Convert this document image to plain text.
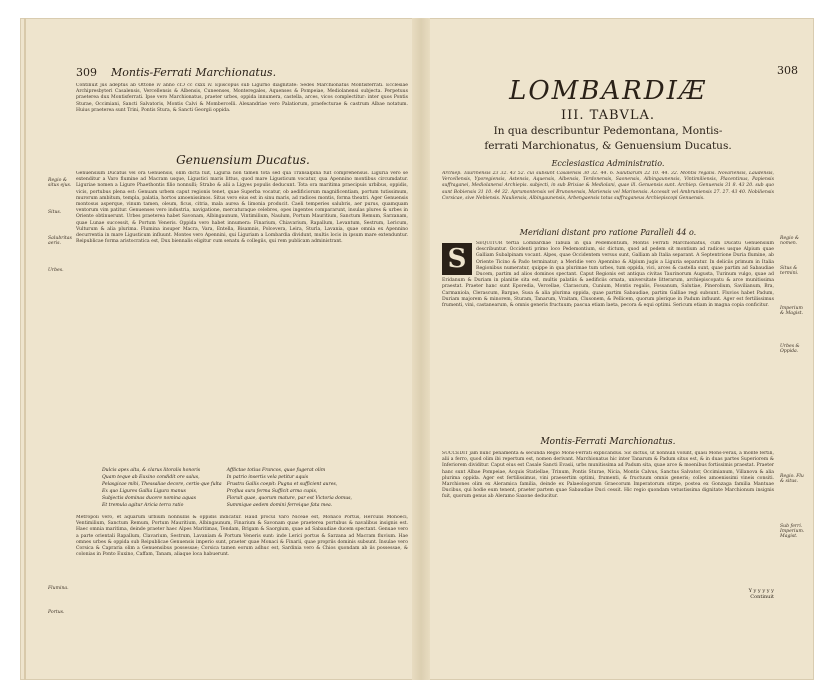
309 Montis-Ferrati Marchionatus.
Continuit jus adeptus ab Ottone iv anno cIↃ cc cxxx iv. Episcopus sub Ligurno diagnitate: Sedes Marchionatus Montisferrati. Ecclesiae Archipresbyteri Casalensis, Vercellensis & Albensis, Cuneenses, Monteregales, Aquenses & Pompeiae, Mediolanensi subjecta. Perpetuus praeterea dux Montisferrati. Ipse vero Marchionatus, praeter urbes, oppida innumera, castella, arces, vicos complectitur: inter quos Pontis Sturae, Occimiani, Sancti Salvatoris, Montis Calvi & Mombercelli. Alexandriae vero Palatiorum, praefecturae & castrum Albae notatum. Huius praeterea sunt Trini, Pontis Stura, & Sancti Georgii oppida.
Genuensium Ducatus.
Regio & situs ejus.
Situs.
Salubritas aeris.
Urbes.
Flumina.
Portus.
Genuensium Ducatus vel ora Genuensis, olim dicta fuit, Liguria non tamen tota sed qua Transalpina fuit comprehensus. Liguria vero se extenditur a Varo flumine ad Macram usque, Ligustici maris littus, quod mare Ligusticum vocatur, qua Apennino montibus circumdatur. Liguriae nomen a Ligure Phaethontis filio nonnulli; Strabo & alii a Ligyes populis deducunt. Tota ora maritima praecipuis urbibus, oppidis, vicis, portubus plena est: Genuam urbem caput regionis tenet, quae Superba vocatur, ob aedificiorum magnificentiam, portum tutissimum, murorum ambitum, templa, palatia, hortos amoenissimos. Situs vero eius est in sinu maris, ad radices montis, forma theatri. Ager Genuensis montosus asperque, vinum tamen, oleum, ficus, citria, mala aurea & limonia producit. Caeli temperies salubris, aer purus, quamquam ventorum vim patitur. Genuenses vero industria, navigatione, mercaturaque celebres, opes ingentes compararunt, insulas plures & urbes in Oriente obtinuerunt. Urbes praeterea habet Savonam, Albingaunum, Vintimilium, Naulum, Portum Mauritium, Sanctum Remum, Sarzanam, quae Lunae successit, & Portum Veneris. Oppida vero habet innumera: Finarium, Chiavarium, Rapallum, Levantum, Sestrum, Lericum, Vulturum & alia plurima. Flumina insuper Macra, Vara, Entella, Bisamnis, Polcevera, Leira, Sturla, Lavania, quae omnia ex Apennino decurrentia in mare Ligusticum influunt. Montes vero Apennini, qui Liguriam a Lombardia dividunt, multis locis in ipsum mare extenduntur. Reipublicae forma aristocratica est, Dux biennalis eligitur cum senatu & collegiis, qui rem publicam administrant.
Dulcis apex alta, & clarus litoralis honoris
Quam teque ab Euxino condidit ore salus,
Pelasgicae mihi, Thessaliae decore, certis-que fulta
Ex quo Ligures Gallia Ligura manus
Subjectis dominas ducere nomina aquas
Et tremula agitur Aricia terra ratio
Afflictae totius Francos, quae fugerat olim
In patrio insertis vela petitur aquis
Frustra Gallis coepit: Pugna et sufficient aures,
Proflua sura ferma Sufficit arma cupis,
Floruit quae, quorum mature, par est Victoria domus,
Summique aedem domini ferreique fata mea.
Metropoli vero, et aquarum urbium nonnullis & oppidis indicatur. Haud procul Varo Niceae est, Monaco Portus, Herculis Monoeci, Ventimilium, Sanctum Remum, Portum Mauritium, Albingaunum, Finarium & Savonam quae praeterea portubus & navalibus insignis est. Haec omnia maritima, deinde praeter haec Alpes Maritimas, Tendam, Brigam & Saorgium, quae ad Sabaudiae ducem spectant. Genuae vero a parte orientali Rapallum, Clavarium, Sestrum, Lavaniam & Portum Veneris sunt: inde Lerici portus & Sarzana ad Macram fluvium. Hae omnes urbes & oppida sub Reipublicae Genuensis imperio sunt, praeter quae Monaci & Finarii, quae propriis dominis subsunt. Insulae vero Corsica & Capraria olim a Genuensibus possessae; Corsica tamen eorum adhuc est, Sardinia vero & Chios quondam ab iis possessae, & colonias in Ponto Euxino, Caffam, Tanam, aliaque loca habuerunt.
308
LOMBARDIÆ
III. TABVLA.
In qua describuntur Pedemontana, Montis-
ferrati Marchionatus, & Genuensium Ducatus.
Ecclesiastica Administratio.
Archiep. Taurinensis 23 32. 43 52. cui subsunt Casalensis 30 32. 44. 6. Salutiarum 22 10. 44. 32. Montis regalis. Novariensis, Laudensis, Vercellensis, Yporegiensis, Astensis, Aquensis, Albensis, Terdonensis, Saonensis, Albingaunensis, Vintimiliensis, Placentinus, Papiensis suffraganei, Mediolanensi Archiepis. subjecti, in sub Brixiae & Mediolani, quae ill. Genuensis sunt. Archiep. Genuensis 31 8. 43 20. sub quo sunt Bobiensis 31 10. 44 32. Aprumontensis vel Brunonensis, Mariensis vel Marinensis. Accessit vel Ambruniensis 27. 27. 43 40. Nobiliensis Corsicae, sive Nebiensis. Nauliensis, Albingaunensis, Arbengaensis totus suffraganeus Archiepiscopi Genuensis.
Meridiani distant pro ratione Paralleli 44 o.
S
SEQUITUR tertia Lombardiae Tabula in qua Pedemontium, Montis Ferrati Marchionatus, cum Ducatu Genuensium describuntur. Occidenti primo loco Pedemontium, sic dictum, quod ad pedem sit montium ad radices usque Alpium quae Galliam Subalpinam vocant. Alpes, quae Occidentem versus sunt, Galliam ab Italia separant. A Septentrione Duria flumine, ab Oriente Ticino & Pado terminatur; a Meridie vero Apennino & Alpium jugis a Liguria separatur. In deliciis primum in Italia Regionibus numeratur, quippe in qua plurimae tum urbes, tum oppida, vici, arces & castella sunt, quae partim ad Sabaudiae Ducem, partim ad alios dominos spectant. Caput Regionis est antiqua civitas Taurinorum Augusta, Turinum vulgo, quae ad Eridanum & Duriam in planitie sita est, multis palatiis & aedificiis ornata, universitate litterarum, archiepiscopatu & arce munitissima praestat. Praeter hanc sunt Eporedia, Vercellae, Clarascum, Cunium, Montis regalis, Fossanum, Salutiae, Pinerolium, Savilianum, Bra, Carmaniola, Clerascum, Bargae, Susa & alia plurima oppida, quae partim Sabaudiae, partim Galliae regi subsunt. Fluvios habet Padum, Duriam majorem & minorem, Sturam, Tanarum, Vraitam, Clusonem, & Pellicem, quorum plerique in Padum influunt. Ager est fertilissimus frumenti, vini, castanearum, & omnis generis fructuum; pascua etiam laeta, pecora & equi optimi. Sericum etiam in magna copia conficitur.
Montis-Ferrati Marchionatus.
SUCCEDIT jam nunc penamenta & secunda Regio Mons-Ferrati explicandus. Sic dictus, ut nonnulli volunt, quasi Mons-Ferax, a monte fertili, alii a ferro, quod olim ibi repertum est, nomen derivant. Marchionatus hic inter Tanarum & Padum situs est, & in duas partes Superiorem & Inferiorem dividitur. Caput eius est Casale Sancti Evasii, urbs munitissima ad Padum sita, quae arce & moenibus fortissimis praestat. Praeter hanc sunt Albae Pompeiae, Acquis Statiellae, Trinum, Pontis Sturae, Nicia, Montis Calvus, Sanctus Salvator, Occimianum, Villanova & alia plurima oppida. Ager est fertilissimus, vini praesertim optimi, frumenti, & fructuum omnis generis; colles amoenissimi vineis consiti. Marchiones olim ex Aleramica familia, deinde ex Palaeologorum Graecorum Imperatorum stirpe, postea ex Gonzaga familia Mantuae Ducibus, qui hodie eum tenent, praeter partem quae Sabaudiae Duci cessit. Hic regio quondam vetustissima dignitate Marchionum insignis fuit, quorum genus ab Aleramo Saxone deducitur.
Y y y y y y
Continuit
Regio & nomen.
Situs & termini.
Imperium & Magist.
Urbes & Oppida.
Regio. Flu & situs.
Sub ferri. Imperium. Magist.
